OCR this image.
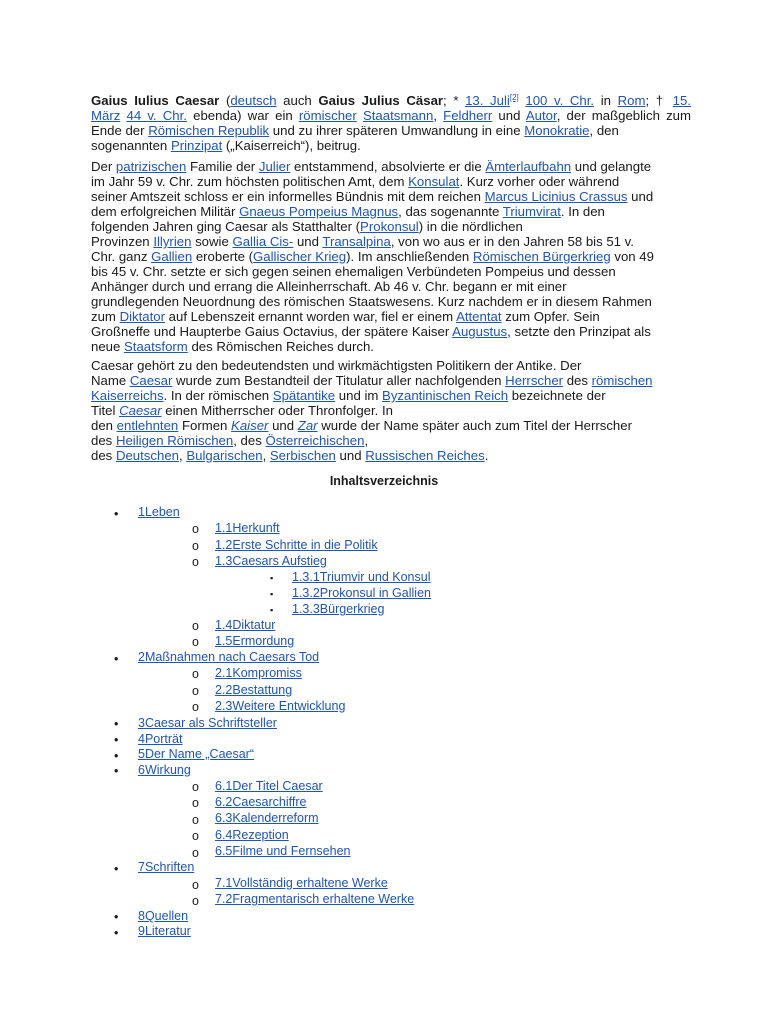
Gaius Iulius Caesar (deutsch auch Gaius Julius Cäsar; * 13. Juli[2] 100 v. Chr. in Rom; † 15.
März 44 v. Chr. ebenda) war ein römischer Staatsmann, Feldherr und Autor, der maßgeblich zum
Ende der Römischen Republik und zu ihrer späteren Umwandlung in eine Monokratie, den
sogenannten Prinzipat („Kaiserreich“), beitrug.
Der patrizischen Familie der Julier entstammend, absolvierte er die Ämterlaufbahn und gelangte
im Jahr 59 v. Chr. zum höchsten politischen Amt, dem Konsulat. Kurz vorher oder während
seiner Amtszeit schloss er ein informelles Bündnis mit dem reichen Marcus Licinius Crassus und
dem erfolgreichen Militär Gnaeus Pompeius Magnus, das sogenannte Triumvirat. In den
folgenden Jahren ging Caesar als Statthalter (Prokonsul) in die nördlichen
Provinzen Illyrien sowie Gallia Cis- und Transalpina, von wo aus er in den Jahren 58 bis 51 v.
Chr. ganz Gallien eroberte (Gallischer Krieg). Im anschließenden Römischen Bürgerkrieg von 49
bis 45 v. Chr. setzte er sich gegen seinen ehemaligen Verbündeten Pompeius und dessen
Anhänger durch und errang die Alleinherrschaft. Ab 46 v. Chr. begann er mit einer
grundlegenden Neuordnung des römischen Staatswesens. Kurz nachdem er in diesem Rahmen
zum Diktator auf Lebenszeit ernannt worden war, fiel er einem Attentat zum Opfer. Sein
Großneffe und Haupterbe Gaius Octavius, der spätere Kaiser Augustus, setzte den Prinzipat als
neue Staatsform des Römischen Reiches durch.
Caesar gehört zu den bedeutendsten und wirkmächtigsten Politikern der Antike. Der
Name Caesar wurde zum Bestandteil der Titulatur aller nachfolgenden Herrscher des römischen
Kaiserreichs. In der römischen Spätantike und im Byzantinischen Reich bezeichnete der
Titel Caesar einen Mitherrscher oder Thronfolger. In
den entlehnten Formen Kaiser und Zar wurde der Name später auch zum Titel der Herrscher
des Heiligen Römischen, des Österreichischen,
des Deutschen, Bulgarischen, Serbischen und Russischen Reiches.
Inhaltsverzeichnis
• 1Leben
o 1.1Herkunft
o 1.2Erste Schritte in die Politik
o 1.3Caesars Aufstieg
▪ 1.3.1Triumvir und Konsul
▪ 1.3.2Prokonsul in Gallien
▪ 1.3.3Bürgerkrieg
o 1.4Diktatur
o 1.5Ermordung
• 2Maßnahmen nach Caesars Tod
o 2.1Kompromiss
o 2.2Bestattung
o 2.3Weitere Entwicklung
• 3Caesar als Schriftsteller
• 4Porträt
• 5Der Name „Caesar“
• 6Wirkung
o 6.1Der Titel Caesar
o 6.2Caesarchiffre
o 6.3Kalenderreform
o 6.4Rezeption
o 6.5Filme und Fernsehen
• 7Schriften
o 7.1Vollständig erhaltene Werke
o 7.2Fragmentarisch erhaltene Werke
• 8Quellen
• 9Literatur
